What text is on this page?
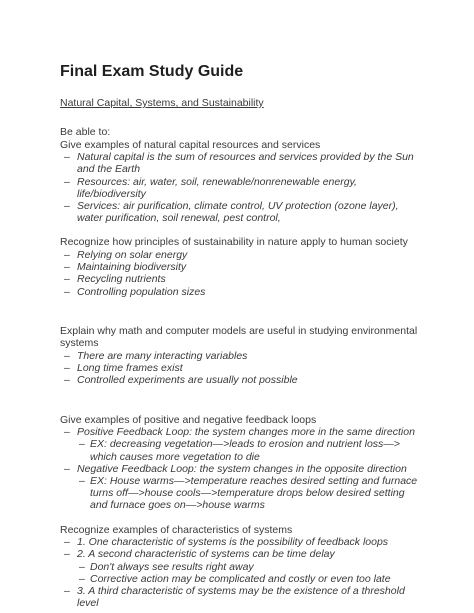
Final Exam Study Guide
Natural Capital, Systems, and Sustainability

Be able to:

Give examples of natural capital resources and services

– Natural capital is the sum of resources and services provided by the Sun and the Earth
– Resources: air, water, soil, renewable/nonrenewable energy, life/biodiversity
– Services: air purification, climate control, UV protection (ozone layer), water purification, soil renewal, pest control,

Recognize how principles of sustainability in nature apply to human society

– Relying on solar energy
– Maintaining biodiversity
– Recycling nutrients
– Controlling population sizes

Explain why math and computer models are useful in studying environmental systems

– There are many interacting variables
– Long time frames exist
– Controlled experiments are usually not possible

Give examples of positive and negative feedback loops

– Positive Feedback Loop: the system changes more in the same direction
– EX: decreasing vegetation—>leads to erosion and nutrient loss—> which causes more vegetation to die
– Negative Feedback Loop: the system changes in the opposite direction
– EX: House warms—>temperature reaches desired setting and furnace turns off—>house cools—>temperature drops below desired setting and furnace goes on—>house warms

Recognize examples of characteristics of systems

– 1. One characteristic of systems is the possibility of feedback loops
– 2. A second characteristic of systems can be time delay
– Don't always see results right away
– Corrective action may be complicated and costly or even too late
– 3. A third characteristic of systems may be the existence of a threshold level
